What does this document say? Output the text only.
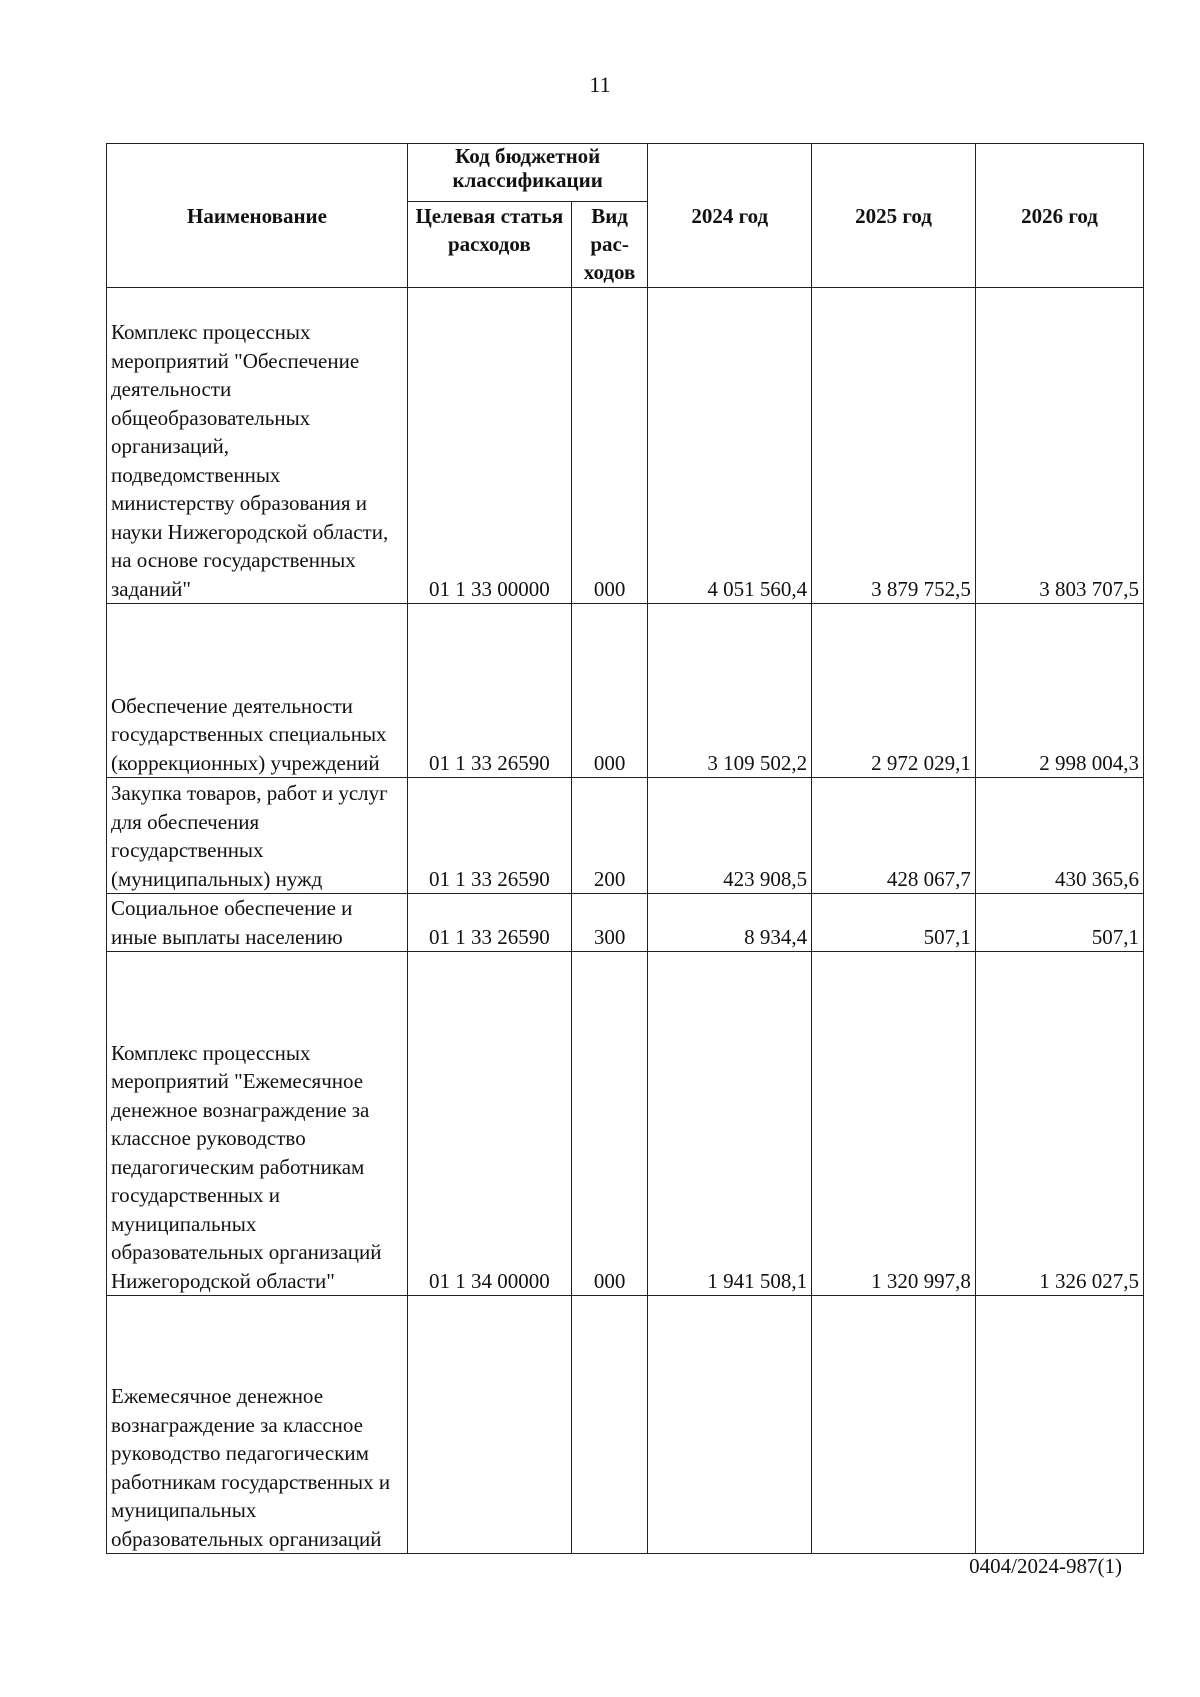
11
Наименование	Код бюджетной классификации		2024 год	2025 год	2026 год
	Целевая статья расходов	Вид рас-ходов			
Комплекс процессных мероприятий "Обеспечение деятельности общеобразовательных организаций, подведомственных министерству образования и науки Нижегородской области, на основе государственных заданий"	01 1 33 00000	000	4 051 560,4	3 879 752,5	3 803 707,5
Обеспечение деятельности государственных специальных (коррекционных) учреждений	01 1 33 26590	000	3 109 502,2	2 972 029,1	2 998 004,3
Закупка товаров, работ и услуг для обеспечения государственных (муниципальных) нужд	01 1 33 26590	200	423 908,5	428 067,7	430 365,6
Социальное обеспечение и иные выплаты населению	01 1 33 26590	300	8 934,4	507,1	507,1
Комплекс процессных мероприятий "Ежемесячное денежное вознаграждение за классное руководство педагогическим работникам государственных и муниципальных образовательных организаций Нижегородской области"	01 1 34 00000	000	1 941 508,1	1 320 997,8	1 326 027,5
Ежемесячное денежное вознаграждение за классное руководство педагогическим работникам государственных и муниципальных образовательных организаций					
0404/2024-987(1)
